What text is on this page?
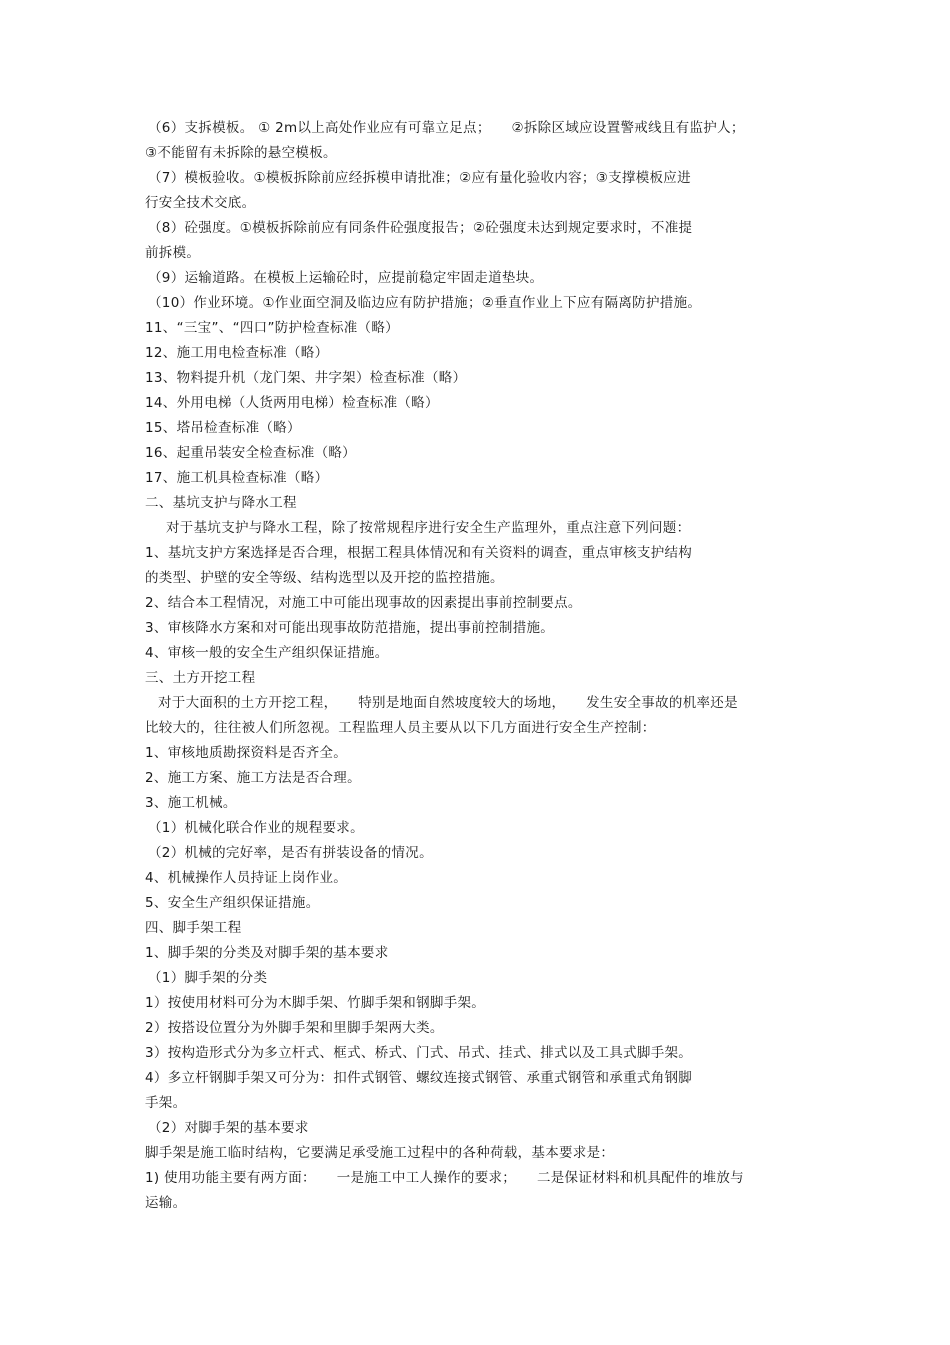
（6）支拆模板。 ① 2m以上高处作业应有可靠立足点；　　②拆除区域应设置警戒线且有监护人；

③不能留有未拆除的悬空模板。

（7）模板验收。①模板拆除前应经拆模申请批准；②应有量化验收内容；③支撑模板应进

行安全技术交底。

（8）砼强度。①模板拆除前应有同条件砼强度报告；②砼强度未达到规定要求时，不准提

前拆模。

（9）运输道路。在模板上运输砼时，应提前稳定牢固走道垫块。

（10）作业环境。①作业面空洞及临边应有防护措施；②垂直作业上下应有隔离防护措施。

11、“三宝”、“四口”防护检查标准（略）

12、施工用电检查标准（略）

13、物料提升机（龙门架、井字架）检查标准（略）

14、外用电梯（人货两用电梯）检查标准（略）

15、塔吊检查标准（略）

16、起重吊装安全检查标准（略）

17、施工机具检查标准（略）

二、基坑支护与降水工程

对于基坑支护与降水工程，除了按常规程序进行安全生产监理外，重点注意下列问题：

1、基坑支护方案选择是否合理，根据工程具体情况和有关资料的调查，重点审核支护结构

的类型、护壁的安全等级、结构选型以及开挖的监控措施。

2、结合本工程情况，对施工中可能出现事故的因素提出事前控制要点。

3、审核降水方案和对可能出现事故防范措施，提出事前控制措施。

4、审核一般的安全生产组织保证措施。

三、土方开挖工程

对于大面积的土方开挖工程，　　特别是地面自然坡度较大的场地，　　发生安全事故的机率还是

比较大的，往往被人们所忽视。工程监理人员主要从以下几方面进行安全生产控制：

1、审核地质勘探资料是否齐全。

2、施工方案、施工方法是否合理。

3、施工机械。

（1）机械化联合作业的规程要求。

（2）机械的完好率，是否有拼装设备的情况。

4、机械操作人员持证上岗作业。

5、安全生产组织保证措施。

四、脚手架工程

1、脚手架的分类及对脚手架的基本要求

（1）脚手架的分类

1）按使用材料可分为木脚手架、竹脚手架和钢脚手架。

2）按搭设位置分为外脚手架和里脚手架两大类。

3）按构造形式分为多立杆式、框式、桥式、门式、吊式、挂式、排式以及工具式脚手架。

4）多立杆钢脚手架又可分为：扣件式钢管、螺纹连接式钢管、承重式钢管和承重式角钢脚

手架。

（2）对脚手架的基本要求

脚手架是施工临时结构，它要满足承受施工过程中的各种荷载，基本要求是：

1) 使用功能主要有两方面：　　一是施工中工人操作的要求；　　二是保证材料和机具配件的堆放与

运输。
